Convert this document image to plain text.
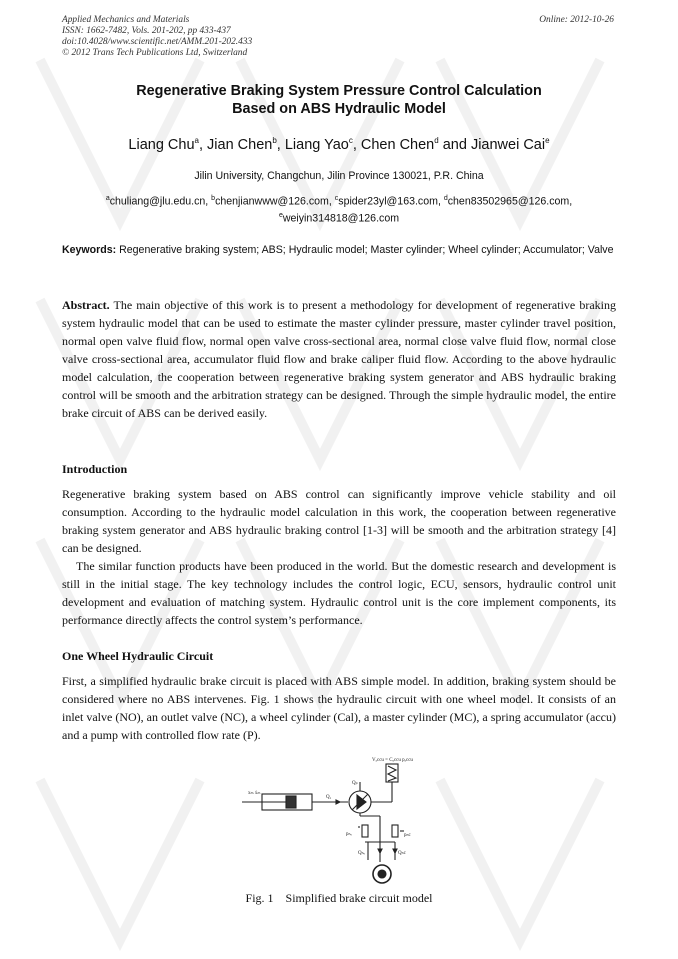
Applied Mechanics and Materials
ISSN: 1662-7482, Vols. 201-202, pp 433-437
doi:10.4028/www.scientific.net/AMM.201-202.433
© 2012 Trans Tech Publications Ltd, Switzerland
Online: 2012-10-26
Regenerative Braking System Pressure Control Calculation
Based on ABS Hydraulic Model
Liang Chu$^a$, Jian Chen$^b$, Liang Yao$^c$, Chen Chen$^d$ and Jianwei Cai$^e$
Jilin University, Changchun, Jilin Province 130021, P.R. China
$^a$chuliang@jlu.edu.cn, $^b$chenjianwww@126.com, $^c$spider23yl@163.com, $^d$chen83502965@126.com,
$^e$weiyin314818@126.com
Keywords: Regenerative braking system; ABS; Hydraulic model; Master cylinder; Wheel cylinder; Accumulator; Valve

Abstract. The main objective of this work is to present a methodology for development of regenerative braking system hydraulic model that can be used to estimate the master cylinder pressure, master cylinder travel position, normal open valve fluid flow, normal open valve cross-sectional area, normal close valve fluid flow, normal close valve cross-sectional area, accumulator fluid flow and brake caliper fluid flow. According to the above hydraulic model calculation, the cooperation between regenerative braking system generator and ABS hydraulic braking control will be smooth and the arbitration strategy can be designed. Through the simple hydraulic model, the entire brake circuit of ABS can be derived easily.

Introduction

Regenerative braking system based on ABS control can significantly improve vehicle stability and oil consumption. According to the hydraulic model calculation in this work, the cooperation between regenerative braking system generator and ABS hydraulic braking control [1-3] will be smooth and the arbitration strategy [4] can be designed.

The similar function products have been produced in the world. But the domestic research and development is still in the initial stage. The key technology includes the control logic, ECU, sensors, hydraulic control unit development and evaluation of matching system. Hydraulic control unit is the core implement components, its performance directly affects the control system’s performance.

One Wheel Hydraulic Circuit

First, a simplified hydraulic brake circuit is placed with ABS simple model. In addition, braking system should be considered where no ABS intervenes. Fig. 1 shows the hydraulic circuit with one wheel model. It consists of an inlet valve (NO), an outlet valve (NC), a wheel cylinder (Cal), a master cylinder (MC), a spring accumulator (accu) and a pump with controlled flow rate (P).

Vₐccu = Cₐccu pₐccu
xₘ ẋₘ
Qₚ
Q₁
pₙₒ	pₙc
Qₙₒ	Qₙc
Fig. 1    Simplified brake circuit model
